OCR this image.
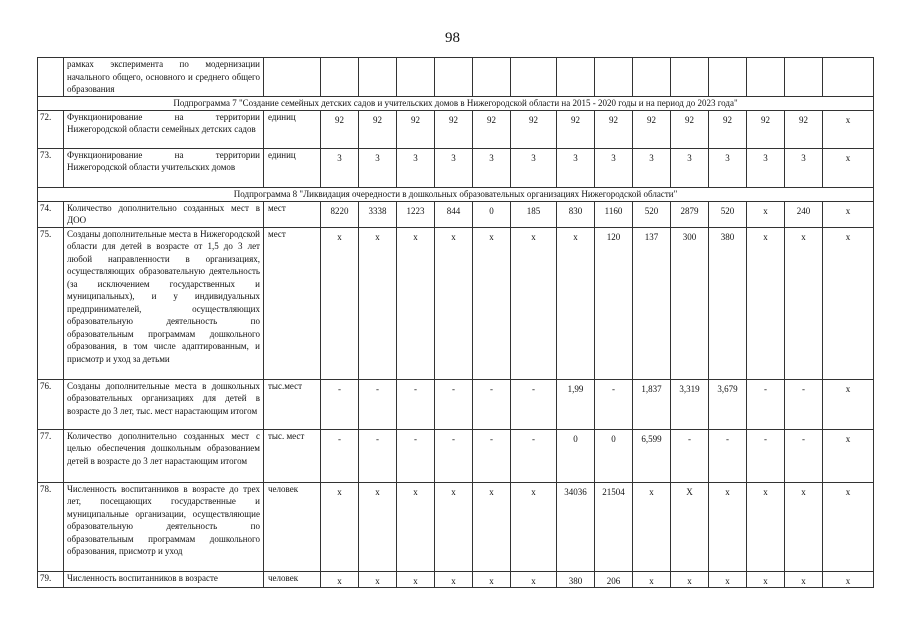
98
	рамках эксперимента по модернизации начального общего, основного и среднего общего образования															
Подпрограмма 7 "Создание семейных детских садов и учительских домов в Нижегородской области на 2015 - 2020 годы и на период до 2023 года"																
72.	Функционирование на территории Нижегородской области семейных детских садов	единиц	92	92	92	92	92	92	92	92	92	92	92	92	92	х
73.	Функционирование на территории Нижегородской области учительских домов	единиц	3	3	3	3	3	3	3	3	3	3	3	3	3	х
Подпрограмма 8 "Ликвидация очередности в дошкольных образовательных организациях Нижегородской области"																
74.	Количество дополнительно созданных мест в ДОО	мест	8220	3338	1223	844	0	185	830	1160	520	2879	520	х	240	х
75.	Созданы дополнительные места в Нижегородской области для детей в возрасте от 1,5 до 3 лет любой направленности в организациях, осуществляющих образовательную деятельность (за исключением государственных и муниципальных), и у индивидуальных предпринимателей, осуществляющих образовательную деятельность по образовательным программам дошкольного образования, в том числе адаптированным, и присмотр и уход за детьми	мест	х	х	х	х	х	х	х	120	137	300	380	х	х	х
76.	Созданы дополнительные места в дошкольных образовательных организациях для детей в возрасте до 3 лет, тыс. мест нарастающим итогом	тыс.мест	-	-	-	-	-	-	1,99	-	1,837	3,319	3,679	-	-	х
77.	Количество дополнительно созданных мест с целью обеспечения дошкольным образованием детей в возрасте до 3 лет нарастающим итогом	тыс. мест	-	-	-	-	-	-	0	0	6,599	-	-	-	-	х
78.	Численность воспитанников в возрасте до трех лет, посещающих государственные и муниципальные организации, осуществляющие образовательную деятельность по образовательным программам дошкольного образования, присмотр и уход	человек	х	х	х	х	х	х	34036	21504	х	Х	х	х	х	х
79.	Численность воспитанников в возрасте	человек	х	х	х	х	х	х	380	206	х	х	х	х	х	х
